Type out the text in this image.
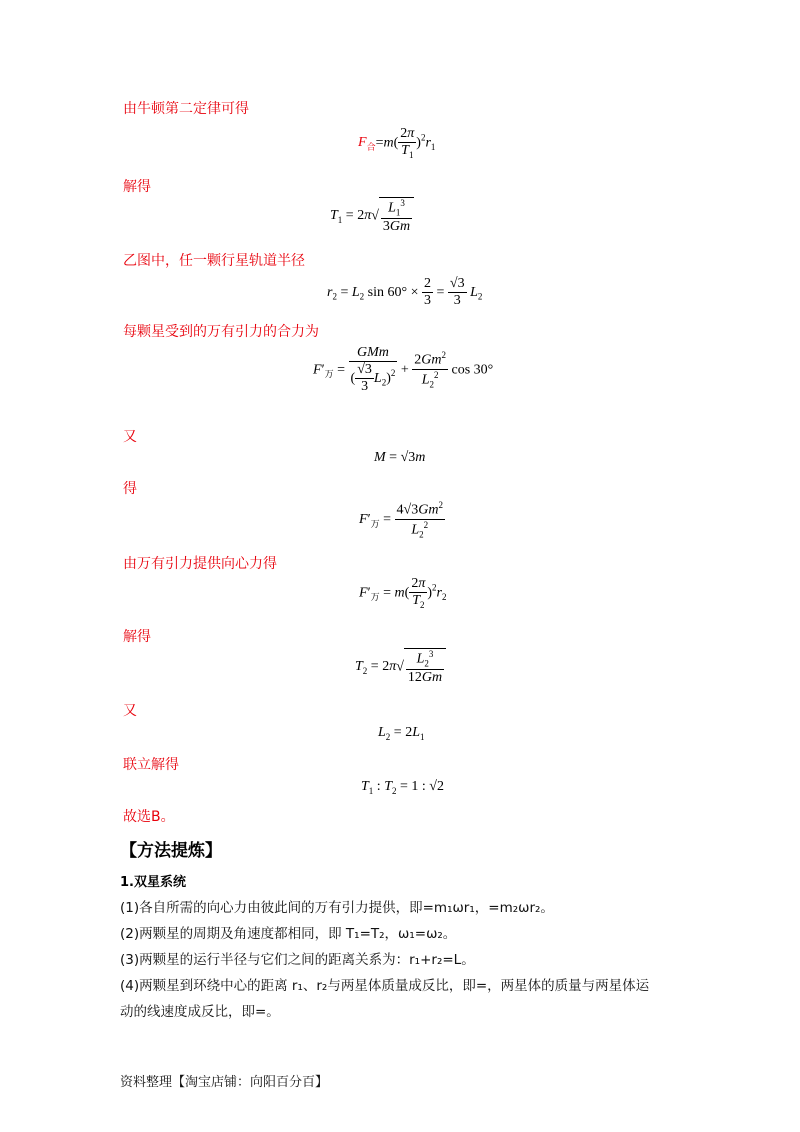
由牛顿第二定律可得
$F_合=m( \frac{2\pi}{T_1} )^2r_1$
解得
$T_1 = 2\pi√ \frac{L_1^3}{3Gm}$
乙图中，任一颗行星轨道半径
$r_2 = L_2$ $\sin 60^\circ \times \frac{2}{3} = \frac{√3}{3} L_2$
每颗星受到的万有引力的合力为
$F'_万 = \frac{\text{GMm}}{( \frac{√3}{3} L_2)^2} + \frac{2Gm^2}{L_2^2}$ cos 30°
又
M = √3m
得
$F'_万 = \frac{4√3Gm^2}{L_2^2}$
由万有引力提供向心力得
$F'_万 = m( \frac{2\pi}{T_2} )^2r_2$
解得
$T_2 = 2\pi√ \frac{L_2^3}{12Gm}$
又
$L_2 = 2L_1$
联立解得
$T_1$ : $T_2 = 1$ : √2
故选B。
【方法提炼】
1.双星系统
(1)各自所需的向心力由彼此间的万有引力提供，即=m₁ωr₁，=m₂ωr₂。
(2)两颗星的周期及角速度都相同，即 T₁=T₂，ω₁=ω₂。
(3)两颗星的运行半径与它们之间的距离关系为：r₁+r₂=L。
(4)两颗星到环绕中心的距离 r₁、r₂与两星体质量成反比，即=，两星体的质量与两星体运
动的线速度成反比，即=。
资料整理【淘宝店铺：向阳百分百】
